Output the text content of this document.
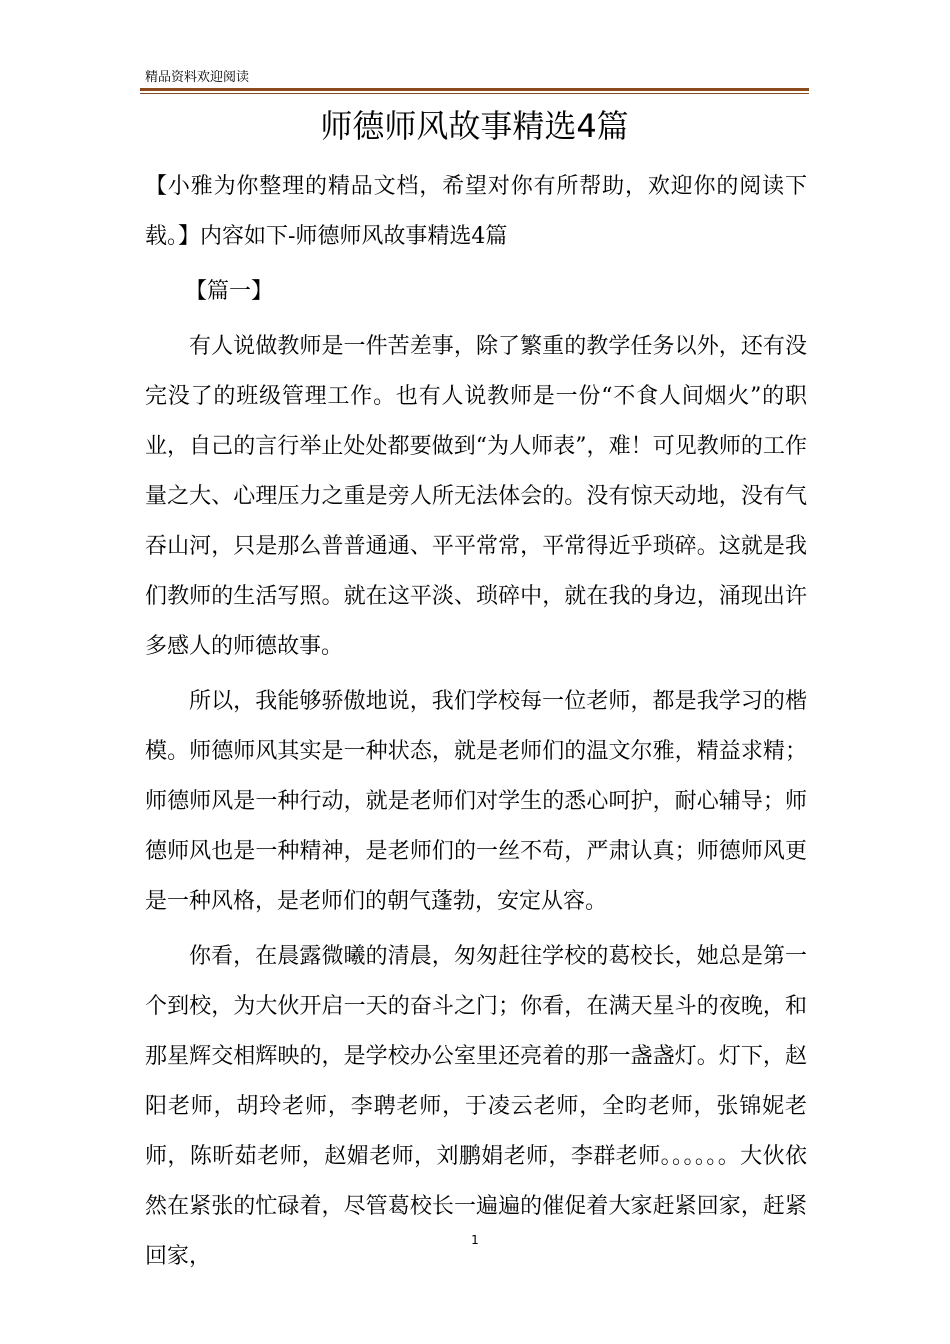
精品资料欢迎阅读
师德师风故事精选4篇

【小雅为你整理的精品文档，希望对你有所帮助，欢迎你的阅读下载。】内容如下-师德师风故事精选4篇

【篇一】

有人说做教师是一件苦差事，除了繁重的教学任务以外，还有没完没了的班级管理工作。也有人说教师是一份“不食人间烟火”的职业，自己的言行举止处处都要做到“为人师表”，难！可见教师的工作量之大、心理压力之重是旁人所无法体会的。没有惊天动地，没有气吞山河，只是那么普普通通、平平常常，平常得近乎琐碎。这就是我们教师的生活写照。就在这平淡、琐碎中，就在我的身边，涌现出许多感人的师德故事。

所以，我能够骄傲地说，我们学校每一位老师，都是我学习的楷模。师德师风其实是一种状态，就是老师们的温文尔雅，精益求精；师德师风是一种行动，就是老师们对学生的悉心呵护，耐心辅导；师德师风也是一种精神，是老师们的一丝不苟，严肃认真；师德师风更是一种风格，是老师们的朝气蓬勃，安定从容。

你看，在晨露微曦的清晨，匆匆赶往学校的葛校长，她总是第一个到校，为大伙开启一天的奋斗之门；你看，在满天星斗的夜晚，和那星辉交相辉映的，是学校办公室里还亮着的那一盏盏灯。灯下，赵阳老师，胡玲老师，李聘老师，于凌云老师，全昀老师，张锦妮老师，陈昕茹老师，赵媚老师，刘鹏娟老师，李群老师。。。。。。大伙依然在紧张的忙碌着，尽管葛校长一遍遍的催促着大家赶紧回家，赶紧回家，

1
